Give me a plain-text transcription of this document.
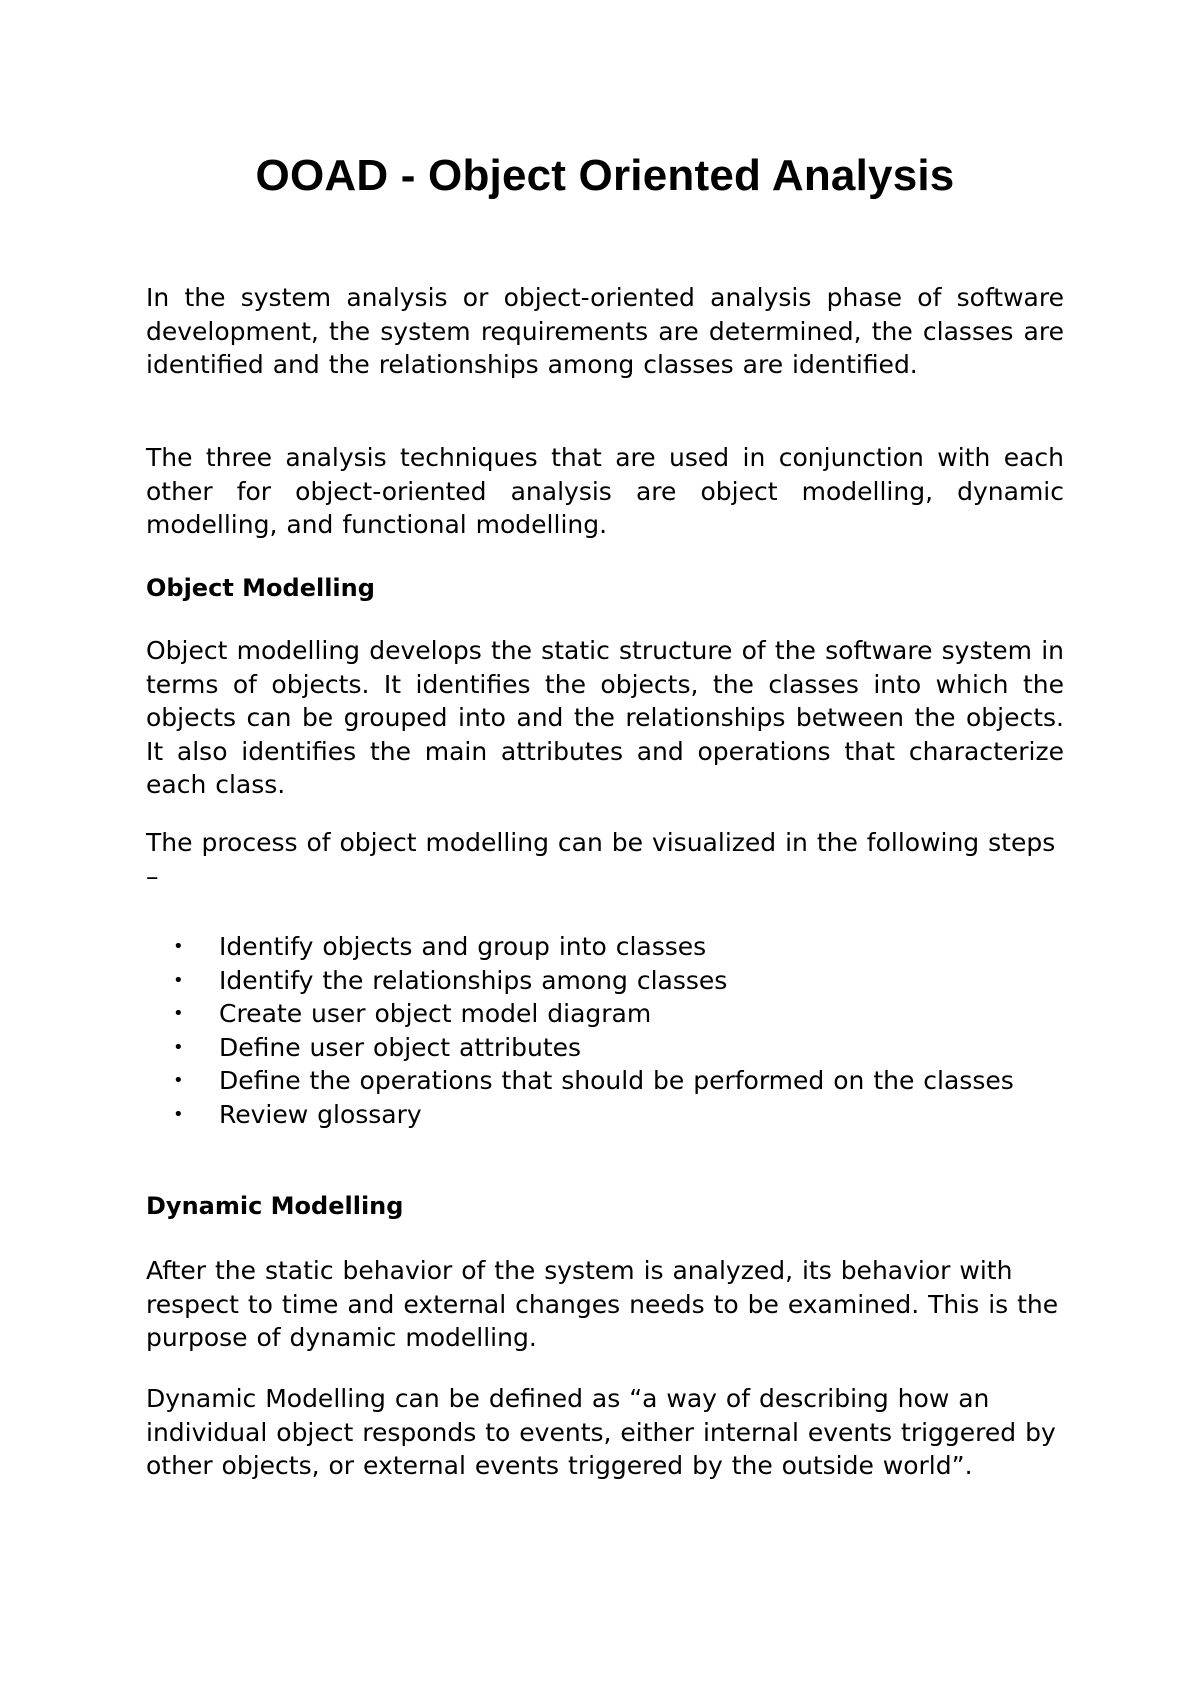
OOAD - Object Oriented Analysis

In the system analysis or object-oriented analysis phase of software development, the system requirements are determined, the classes are identified and the relationships among classes are identified.

The three analysis techniques that are used in conjunction with each other for object-oriented analysis are object modelling, dynamic modelling, and functional modelling.

Object Modelling

Object modelling develops the static structure of the software system in terms of objects. It identifies the objects, the classes into which the objects can be grouped into and the relationships between the objects. It also identifies the main attributes and operations that characterize each class.

The process of object modelling can be visualized in the following steps –

• Identify objects and group into classes
• Identify the relationships among classes
• Create user object model diagram
• Define user object attributes
• Define the operations that should be performed on the classes
• Review glossary
Dynamic Modelling

After the static behavior of the system is analyzed, its behavior with respect to time and external changes needs to be examined. This is the purpose of dynamic modelling.

Dynamic Modelling can be defined as “a way of describing how an individual object responds to events, either internal events triggered by other objects, or external events triggered by the outside world”.
